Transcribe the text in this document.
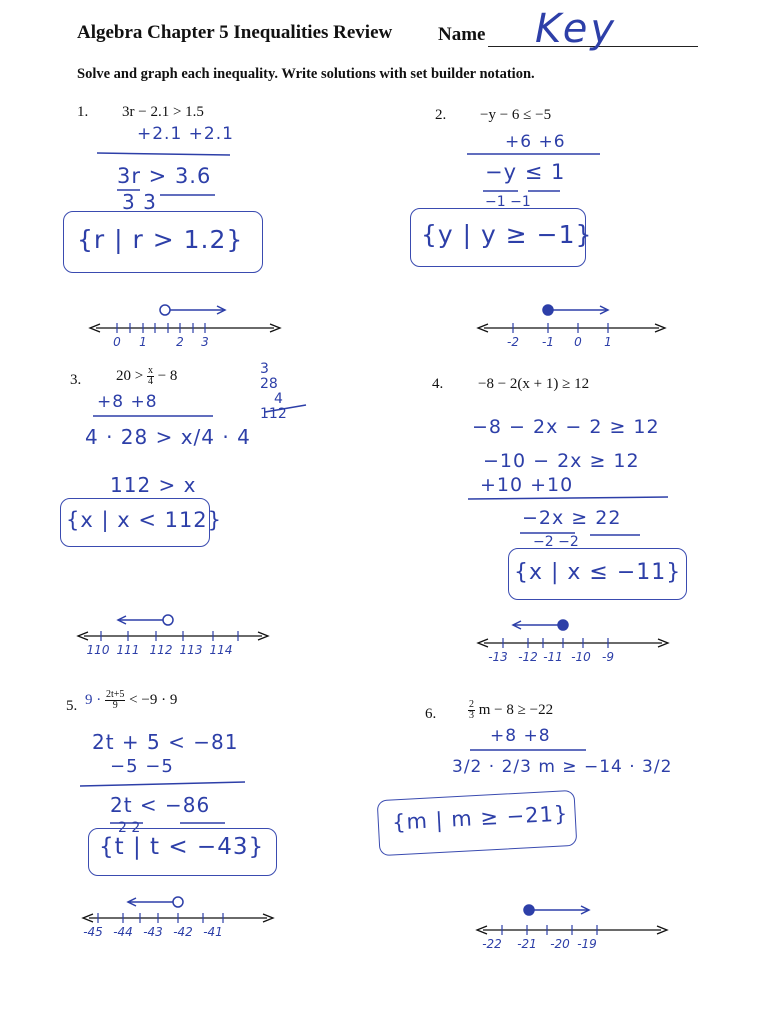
Algebra Chapter 5 Inequalities Review Name Key
Solve and graph each inequality. Write solutions with set builder notation.
1. 3r − 2.1 > 1.5
+2.1 +2.1
3r > 3.6
3 3
{r | r > 1.2}
2. −y − 6 ≤ −5
+6 +6
−y ≤ 1
−1 −1
{y | y ≥ −1}
3. $20 > \frac{x}{4} - 8$
+8 +8
4 · 28 > x/4 · 4
112 > x
3
28
4
112
{x | x < 112}
4. −8 − 2(x + 1) ≥ 12
−8 − 2x − 2 ≥ 12
−10 − 2x ≥ 12
+10 +10
−2x ≥ 22
−2 −2
{x | x ≤ −11}
5. $9 \cdot \frac{2t+5}{9} < -9 \cdot 9$
2t + 5 < −81
−5 −5
2t < −86
2 2
{t | t < −43}
6.	$\frac{2}{3}$ m − 8 ≥ −22
+8 +8
3/2 · 2/3 m ≥ −14 · 3/2
{m | m ≥ −21}
0 1 2 3	-2 -1 0 1
110 111 112 113 114	-13 -12 -11 -10 -9
-45 -44 -43 -42 -41
-22 -21 -20 -19
